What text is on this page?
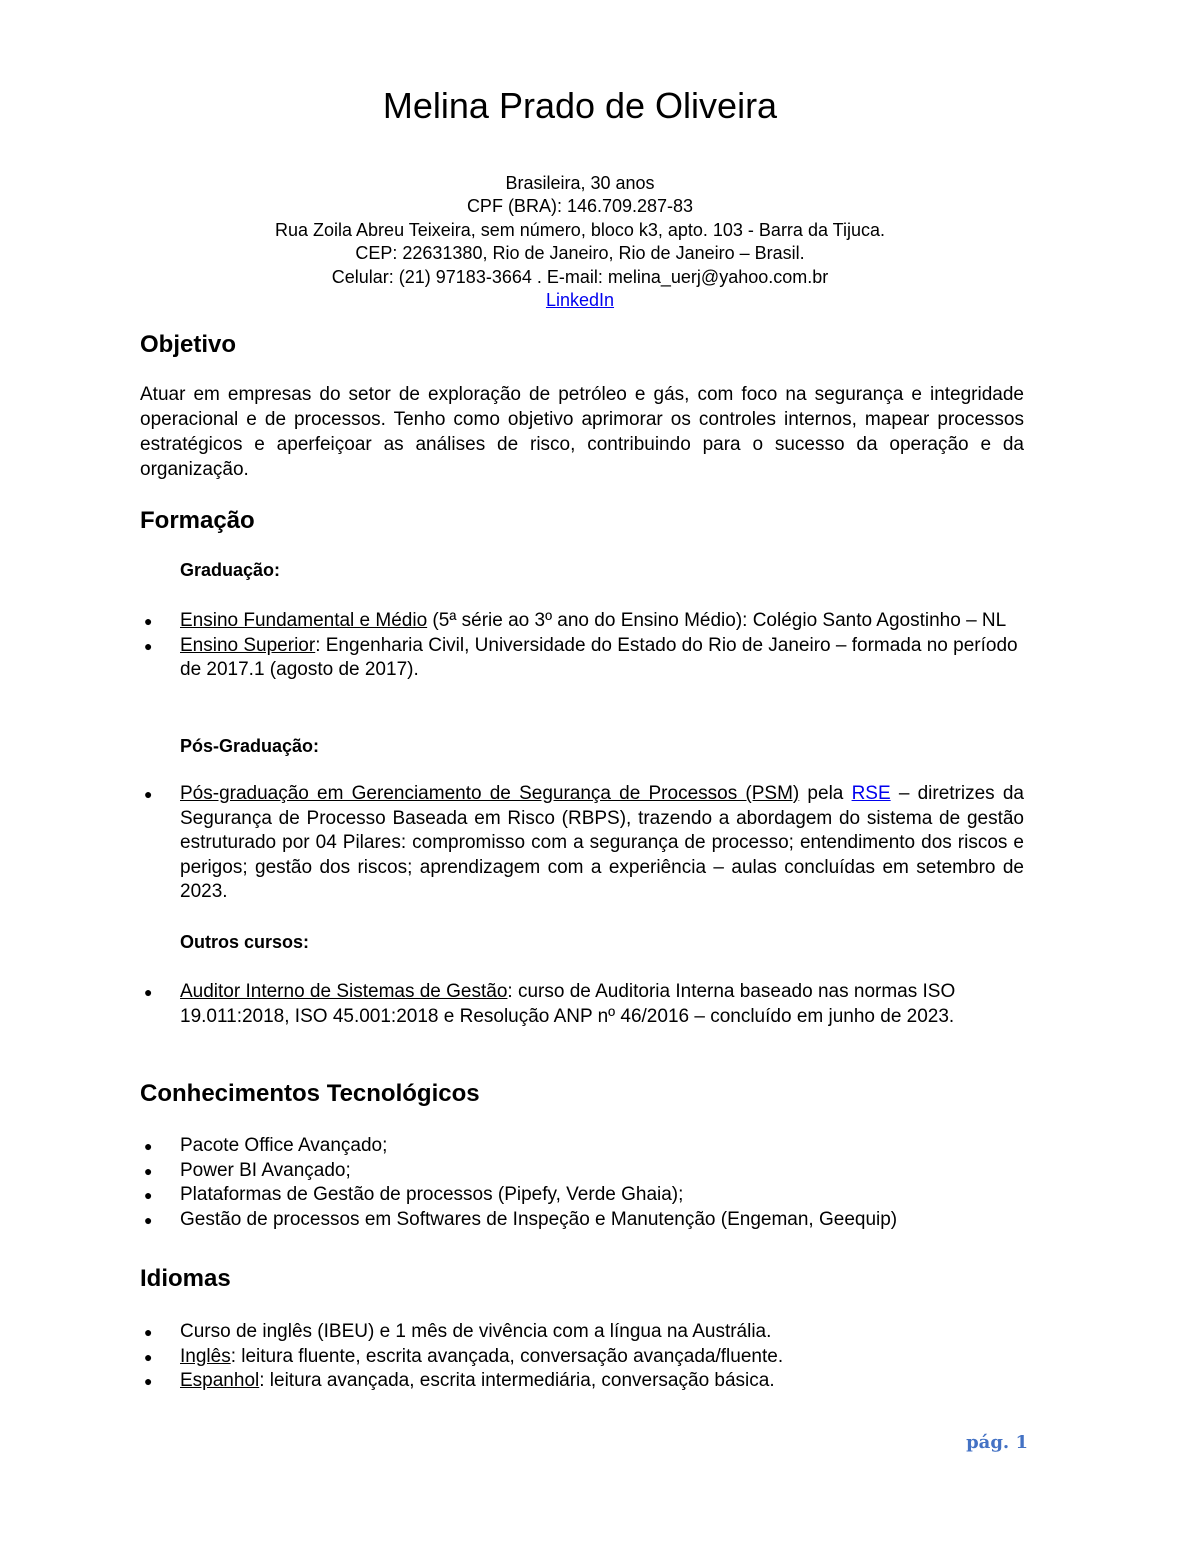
Melina Prado de Oliveira
Brasileira, 30 anos
CPF (BRA): 146.709.287-83
Rua Zoila Abreu Teixeira, sem número, bloco k3, apto. 103 - Barra da Tijuca.
CEP: 22631380, Rio de Janeiro, Rio de Janeiro – Brasil.
Celular: (21) 97183-3664 . E-mail: melina_uerj@yahoo.com.br
LinkedIn
Objetivo

Atuar em empresas do setor de exploração de petróleo e gás, com foco na segurança e integridade operacional e de processos. Tenho como objetivo aprimorar os controles internos, mapear processos estratégicos e aperfeiçoar as análises de risco, contribuindo para o sucesso da operação e da organização.

Formação
Graduação:
● Ensino Fundamental e Médio (5ª série ao 3º ano do Ensino Médio): Colégio Santo Agostinho – NL
● Ensino Superior: Engenharia Civil, Universidade do Estado do Rio de Janeiro – formada no período de 2017.1 (agosto de 2017).
Pós-Graduação:
● Pós-graduação em Gerenciamento de Segurança de Processos (PSM) pela RSE – diretrizes da Segurança de Processo Baseada em Risco (RBPS), trazendo a abordagem do sistema de gestão estruturado por 04 Pilares: compromisso com a segurança de processo; entendimento dos riscos e perigos; gestão dos riscos; aprendizagem com a experiência – aulas concluídas em setembro de 2023.
Outros cursos:
● Auditor Interno de Sistemas de Gestão: curso de Auditoria Interna baseado nas normas ISO 19.011:2018, ISO 45.001:2018 e Resolução ANP nº 46/2016 – concluído em junho de 2023.
Conhecimentos Tecnológicos
● Pacote Office Avançado;
● Power BI Avançado;
● Plataformas de Gestão de processos (Pipefy, Verde Ghaia);
● Gestão de processos em Softwares de Inspeção e Manutenção (Engeman, Geequip)
Idiomas
● Curso de inglês (IBEU) e 1 mês de vivência com a língua na Austrália.
● Inglês: leitura fluente, escrita avançada, conversação avançada/fluente.
● Espanhol: leitura avançada, escrita intermediária, conversação básica.
pág. 1
